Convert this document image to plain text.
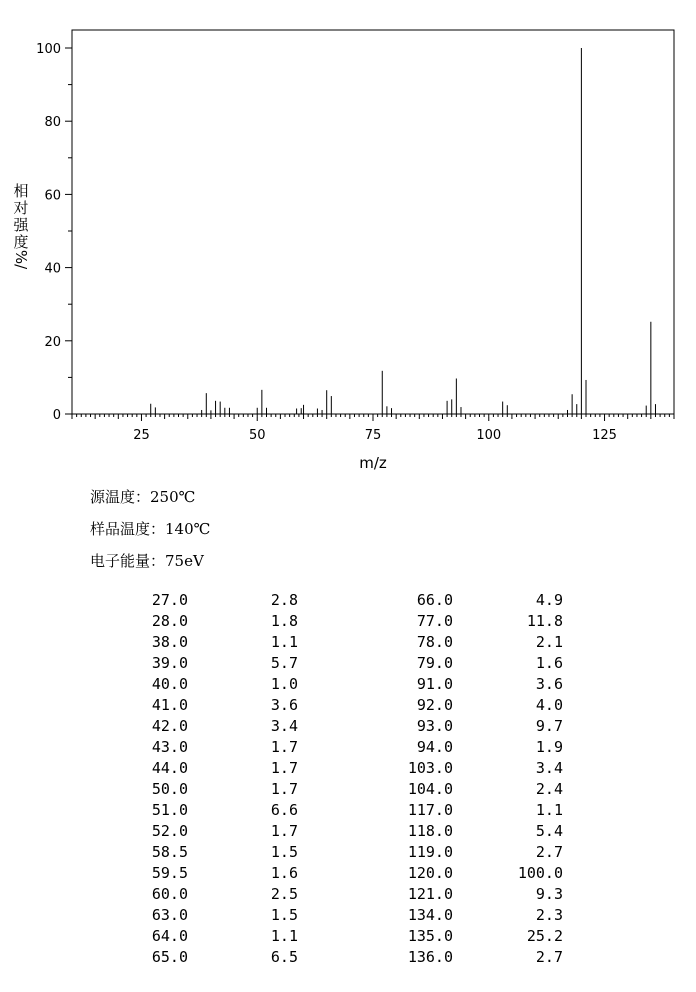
25	50	75	100	125
0
20
40
60
80
100
m/z
相
对
强
度
%/
源温度：250℃
样品温度：140℃
电子能量：75eV
27.0	2.8
28.0	1.8
38.0	1.1
39.0	5.7
40.0	1.0
41.0	3.6
42.0	3.4
43.0	1.7
44.0	1.7
50.0	1.7
51.0	6.6
52.0	1.7
58.5	1.5
59.5	1.6
60.0	2.5
63.0	1.5
64.0	1.1
65.0	6.5
66.0	4.9
77.0	11.8
78.0	2.1
79.0	1.6
91.0	3.6
92.0	4.0
93.0	9.7
94.0	1.9
103.0	3.4
104.0	2.4
117.0	1.1
118.0	5.4
119.0	2.7
120.0	100.0
121.0	9.3
134.0	2.3
135.0	25.2
136.0	2.7
